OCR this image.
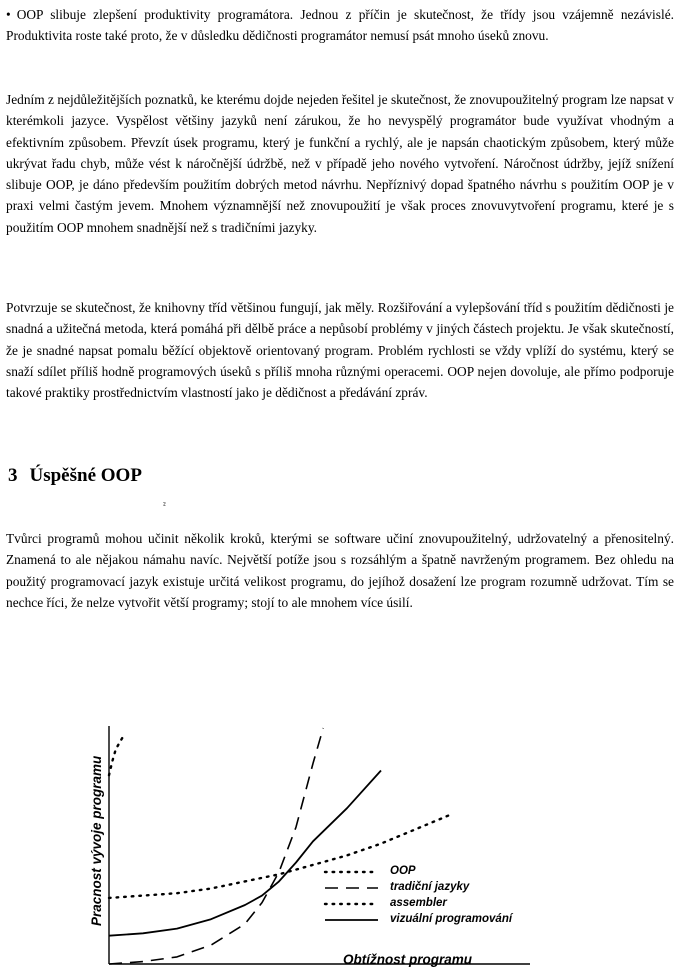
• OOP slibuje zlepšení produktivity programátora. Jednou z příčin je skutečnost, že třídy jsou vzájemně nezávislé. Produktivita roste také proto, že v důsledku dědičnosti programátor nemusí psát mnoho úseků znovu.

Jedním z nejdůležitějších poznatků, ke kterému dojde nejeden řešitel je skutečnost, že znovupoužitelný program lze napsat v kterémkoli jazyce. Vyspělost většiny jazyků není zárukou, že ho nevyspělý programátor bude využívat vhodným a efektivním způsobem. Převzít úsek programu, který je funkční a rychlý, ale je napsán chaotickým způsobem, který může ukrývat řadu chyb, může vést k náročnější údržbě, než v případě jeho nového vytvoření. Náročnost údržby, jejíž snížení slibuje OOP, je dáno především použitím dobrých metod návrhu. Nepříznivý dopad špatného návrhu s použitím OOP je v praxi velmi častým jevem. Mnohem významnější než znovupoužití je však proces znovuvytvoření programu, které je s použitím OOP mnohem snadnější než s tradičními jazyky.

Potvrzuje se skutečnost, že knihovny tříd většinou fungují, jak měly. Rozšiřování a vylepšování tříd s použitím dědičnosti je snadná a užitečná metoda, která pomáhá při dělbě práce a nepůsobí problémy v jiných částech projektu. Je však skutečností, že je snadné napsat pomalu běžící objektově orientovaný program. Problém rychlosti se vždy vplíží do systému, který se snaží sdílet příliš hodně programových úseků s příliš mnoha různými operacemi. OOP nejen dovoluje, ale přímo podporuje takové praktiky prostřednictvím vlastností jako je dědičnost a předávání zpráv.

3 Úspěšné OOP
²

Tvůrci programů mohou učinit několik kroků, kterými se software učiní znovupoužitelný, udržovatelný a přenositelný. Znamená to ale nějakou námahu navíc. Největší potíže jsou s rozsáhlým a špatně navrženým programem. Bez ohledu na použitý programovací jazyk existuje určitá velikost programu, do jejíhož dosažení lze program rozumně udržovat. Tím se nechce říci, že nelze vytvořit větší programy; stojí to ale mnohem více úsilí.

Pracnost vývoje programu
Obtížnost programu
OOP
tradiční jazyky
assembler
vizuální programování
